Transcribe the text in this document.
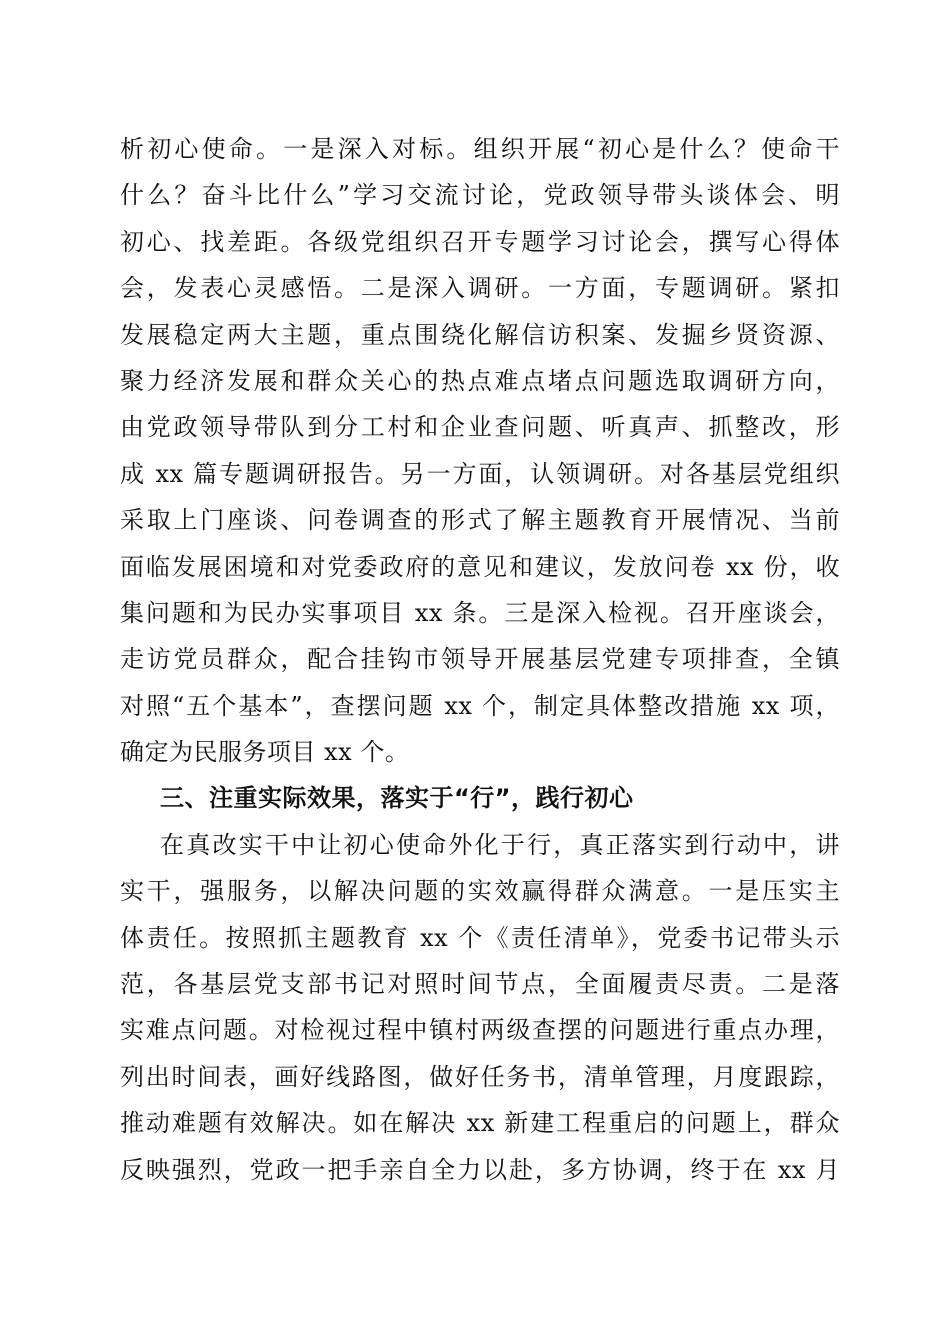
析初心使命。一是深入对标。组织开展“初心是什么？使命干
什么？奋斗比什么”学习交流讨论，党政领导带头谈体会、明
初心、找差距。各级党组织召开专题学习讨论会，撰写心得体
会，发表心灵感悟。二是深入调研。一方面，专题调研。紧扣
发展稳定两大主题，重点围绕化解信访积案、发掘乡贤资源、
聚力经济发展和群众关心的热点难点堵点问题选取调研方向，
由党政领导带队到分工村和企业查问题、听真声、抓整改，形
成 xx 篇专题调研报告。另一方面，认领调研。对各基层党组织
采取上门座谈、问卷调查的形式了解主题教育开展情况、当前
面临发展困境和对党委政府的意见和建议，发放问卷 xx 份，收
集问题和为民办实事项目 xx 条。三是深入检视。召开座谈会，
走访党员群众，配合挂钩市领导开展基层党建专项排查，全镇
对照“五个基本”，查摆问题 xx 个，制定具体整改措施 xx 项，
确定为民服务项目 xx 个。
三、注重实际效果，落实于“行”，践行初心
在真改实干中让初心使命外化于行，真正落实到行动中，讲
实干，强服务，以解决问题的实效赢得群众满意。一是压实主
体责任。按照抓主题教育 xx 个《责任清单》，党委书记带头示
范，各基层党支部书记对照时间节点，全面履责尽责。二是落
实难点问题。对检视过程中镇村两级查摆的问题进行重点办理，
列出时间表，画好线路图，做好任务书，清单管理，月度跟踪，
推动难题有效解决。如在解决 xx 新建工程重启的问题上，群众
反映强烈，党政一把手亲自全力以赴，多方协调，终于在 xx 月
